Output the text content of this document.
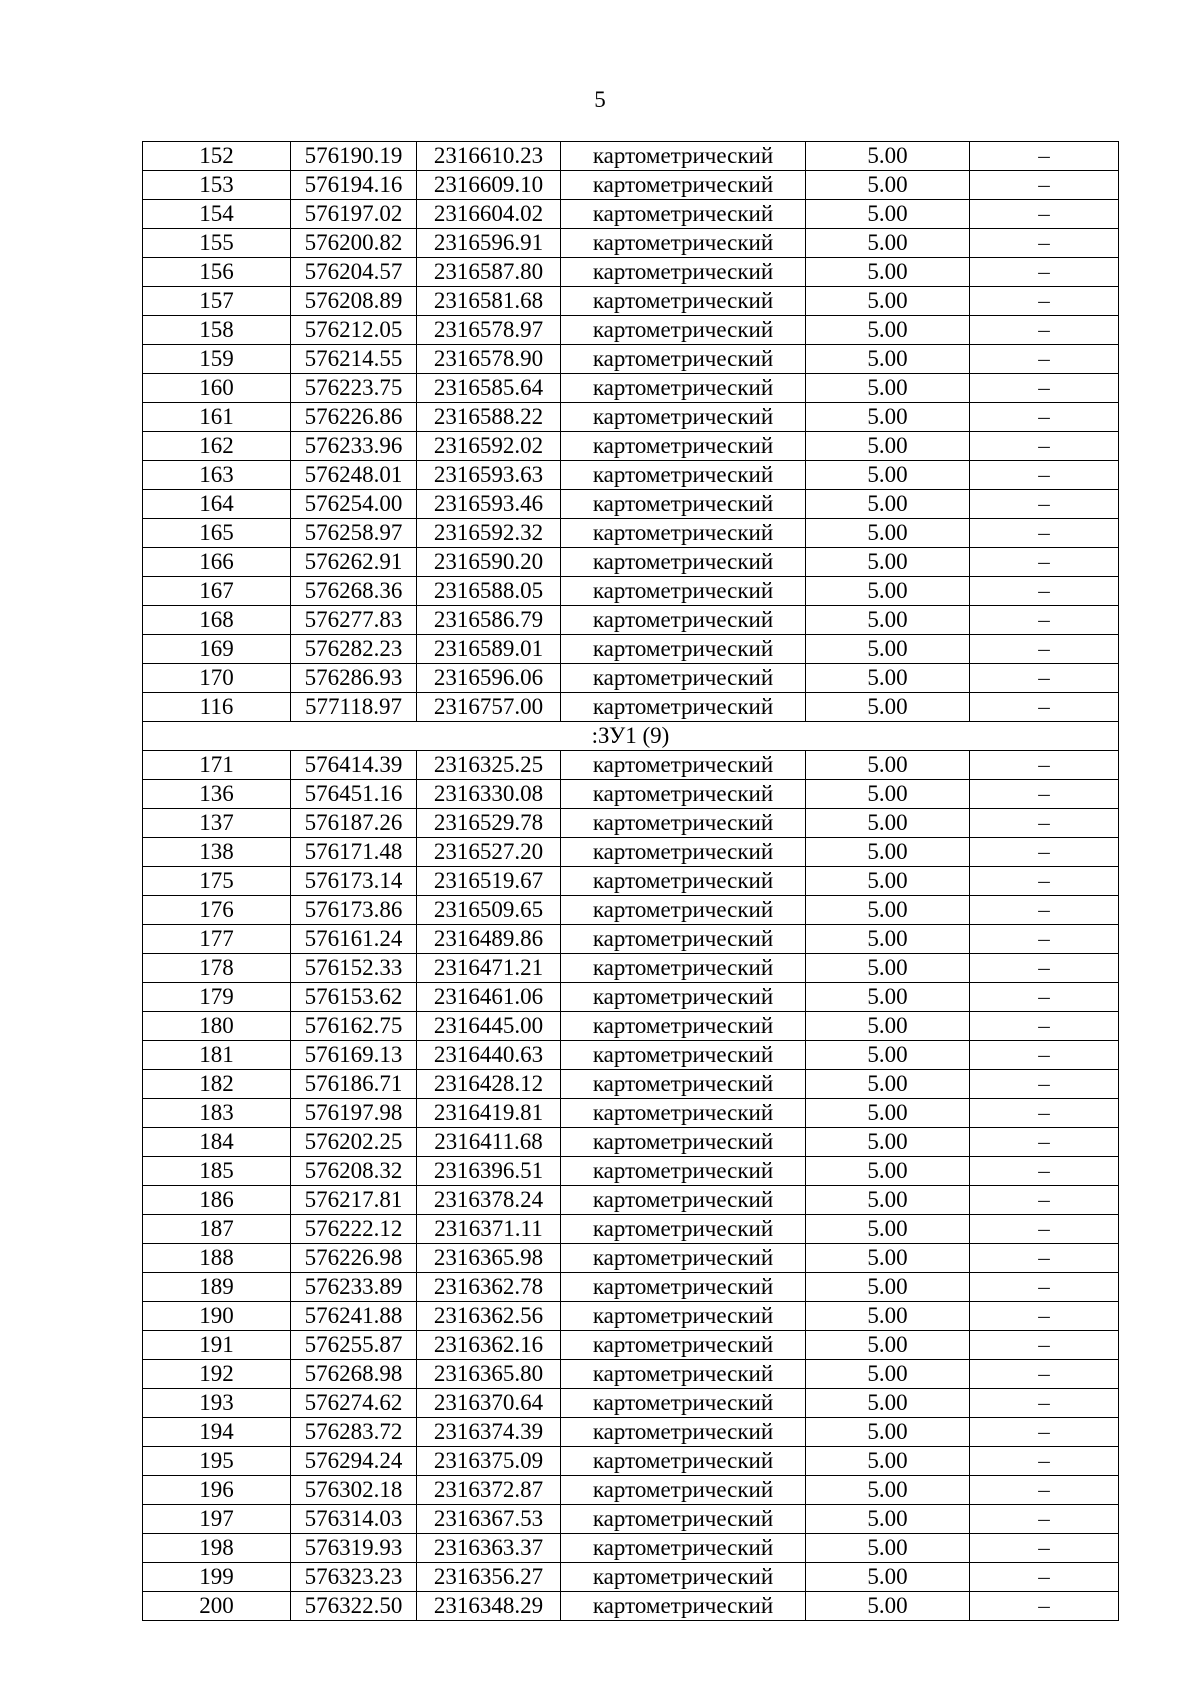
5
152	576190.19	2316610.23	картометрический	5.00	–
153	576194.16	2316609.10	картометрический	5.00	–
154	576197.02	2316604.02	картометрический	5.00	–
155	576200.82	2316596.91	картометрический	5.00	–
156	576204.57	2316587.80	картометрический	5.00	–
157	576208.89	2316581.68	картометрический	5.00	–
158	576212.05	2316578.97	картометрический	5.00	–
159	576214.55	2316578.90	картометрический	5.00	–
160	576223.75	2316585.64	картометрический	5.00	–
161	576226.86	2316588.22	картометрический	5.00	–
162	576233.96	2316592.02	картометрический	5.00	–
163	576248.01	2316593.63	картометрический	5.00	–
164	576254.00	2316593.46	картометрический	5.00	–
165	576258.97	2316592.32	картометрический	5.00	–
166	576262.91	2316590.20	картометрический	5.00	–
167	576268.36	2316588.05	картометрический	5.00	–
168	576277.83	2316586.79	картометрический	5.00	–
169	576282.23	2316589.01	картометрический	5.00	–
170	576286.93	2316596.06	картометрический	5.00	–
116	577118.97	2316757.00	картометрический	5.00	–
:ЗУ1 (9)					
171	576414.39	2316325.25	картометрический	5.00	–
136	576451.16	2316330.08	картометрический	5.00	–
137	576187.26	2316529.78	картометрический	5.00	–
138	576171.48	2316527.20	картометрический	5.00	–
175	576173.14	2316519.67	картометрический	5.00	–
176	576173.86	2316509.65	картометрический	5.00	–
177	576161.24	2316489.86	картометрический	5.00	–
178	576152.33	2316471.21	картометрический	5.00	–
179	576153.62	2316461.06	картометрический	5.00	–
180	576162.75	2316445.00	картометрический	5.00	–
181	576169.13	2316440.63	картометрический	5.00	–
182	576186.71	2316428.12	картометрический	5.00	–
183	576197.98	2316419.81	картометрический	5.00	–
184	576202.25	2316411.68	картометрический	5.00	–
185	576208.32	2316396.51	картометрический	5.00	–
186	576217.81	2316378.24	картометрический	5.00	–
187	576222.12	2316371.11	картометрический	5.00	–
188	576226.98	2316365.98	картометрический	5.00	–
189	576233.89	2316362.78	картометрический	5.00	–
190	576241.88	2316362.56	картометрический	5.00	–
191	576255.87	2316362.16	картометрический	5.00	–
192	576268.98	2316365.80	картометрический	5.00	–
193	576274.62	2316370.64	картометрический	5.00	–
194	576283.72	2316374.39	картометрический	5.00	–
195	576294.24	2316375.09	картометрический	5.00	–
196	576302.18	2316372.87	картометрический	5.00	–
197	576314.03	2316367.53	картометрический	5.00	–
198	576319.93	2316363.37	картометрический	5.00	–
199	576323.23	2316356.27	картометрический	5.00	–
200	576322.50	2316348.29	картометрический	5.00	–
